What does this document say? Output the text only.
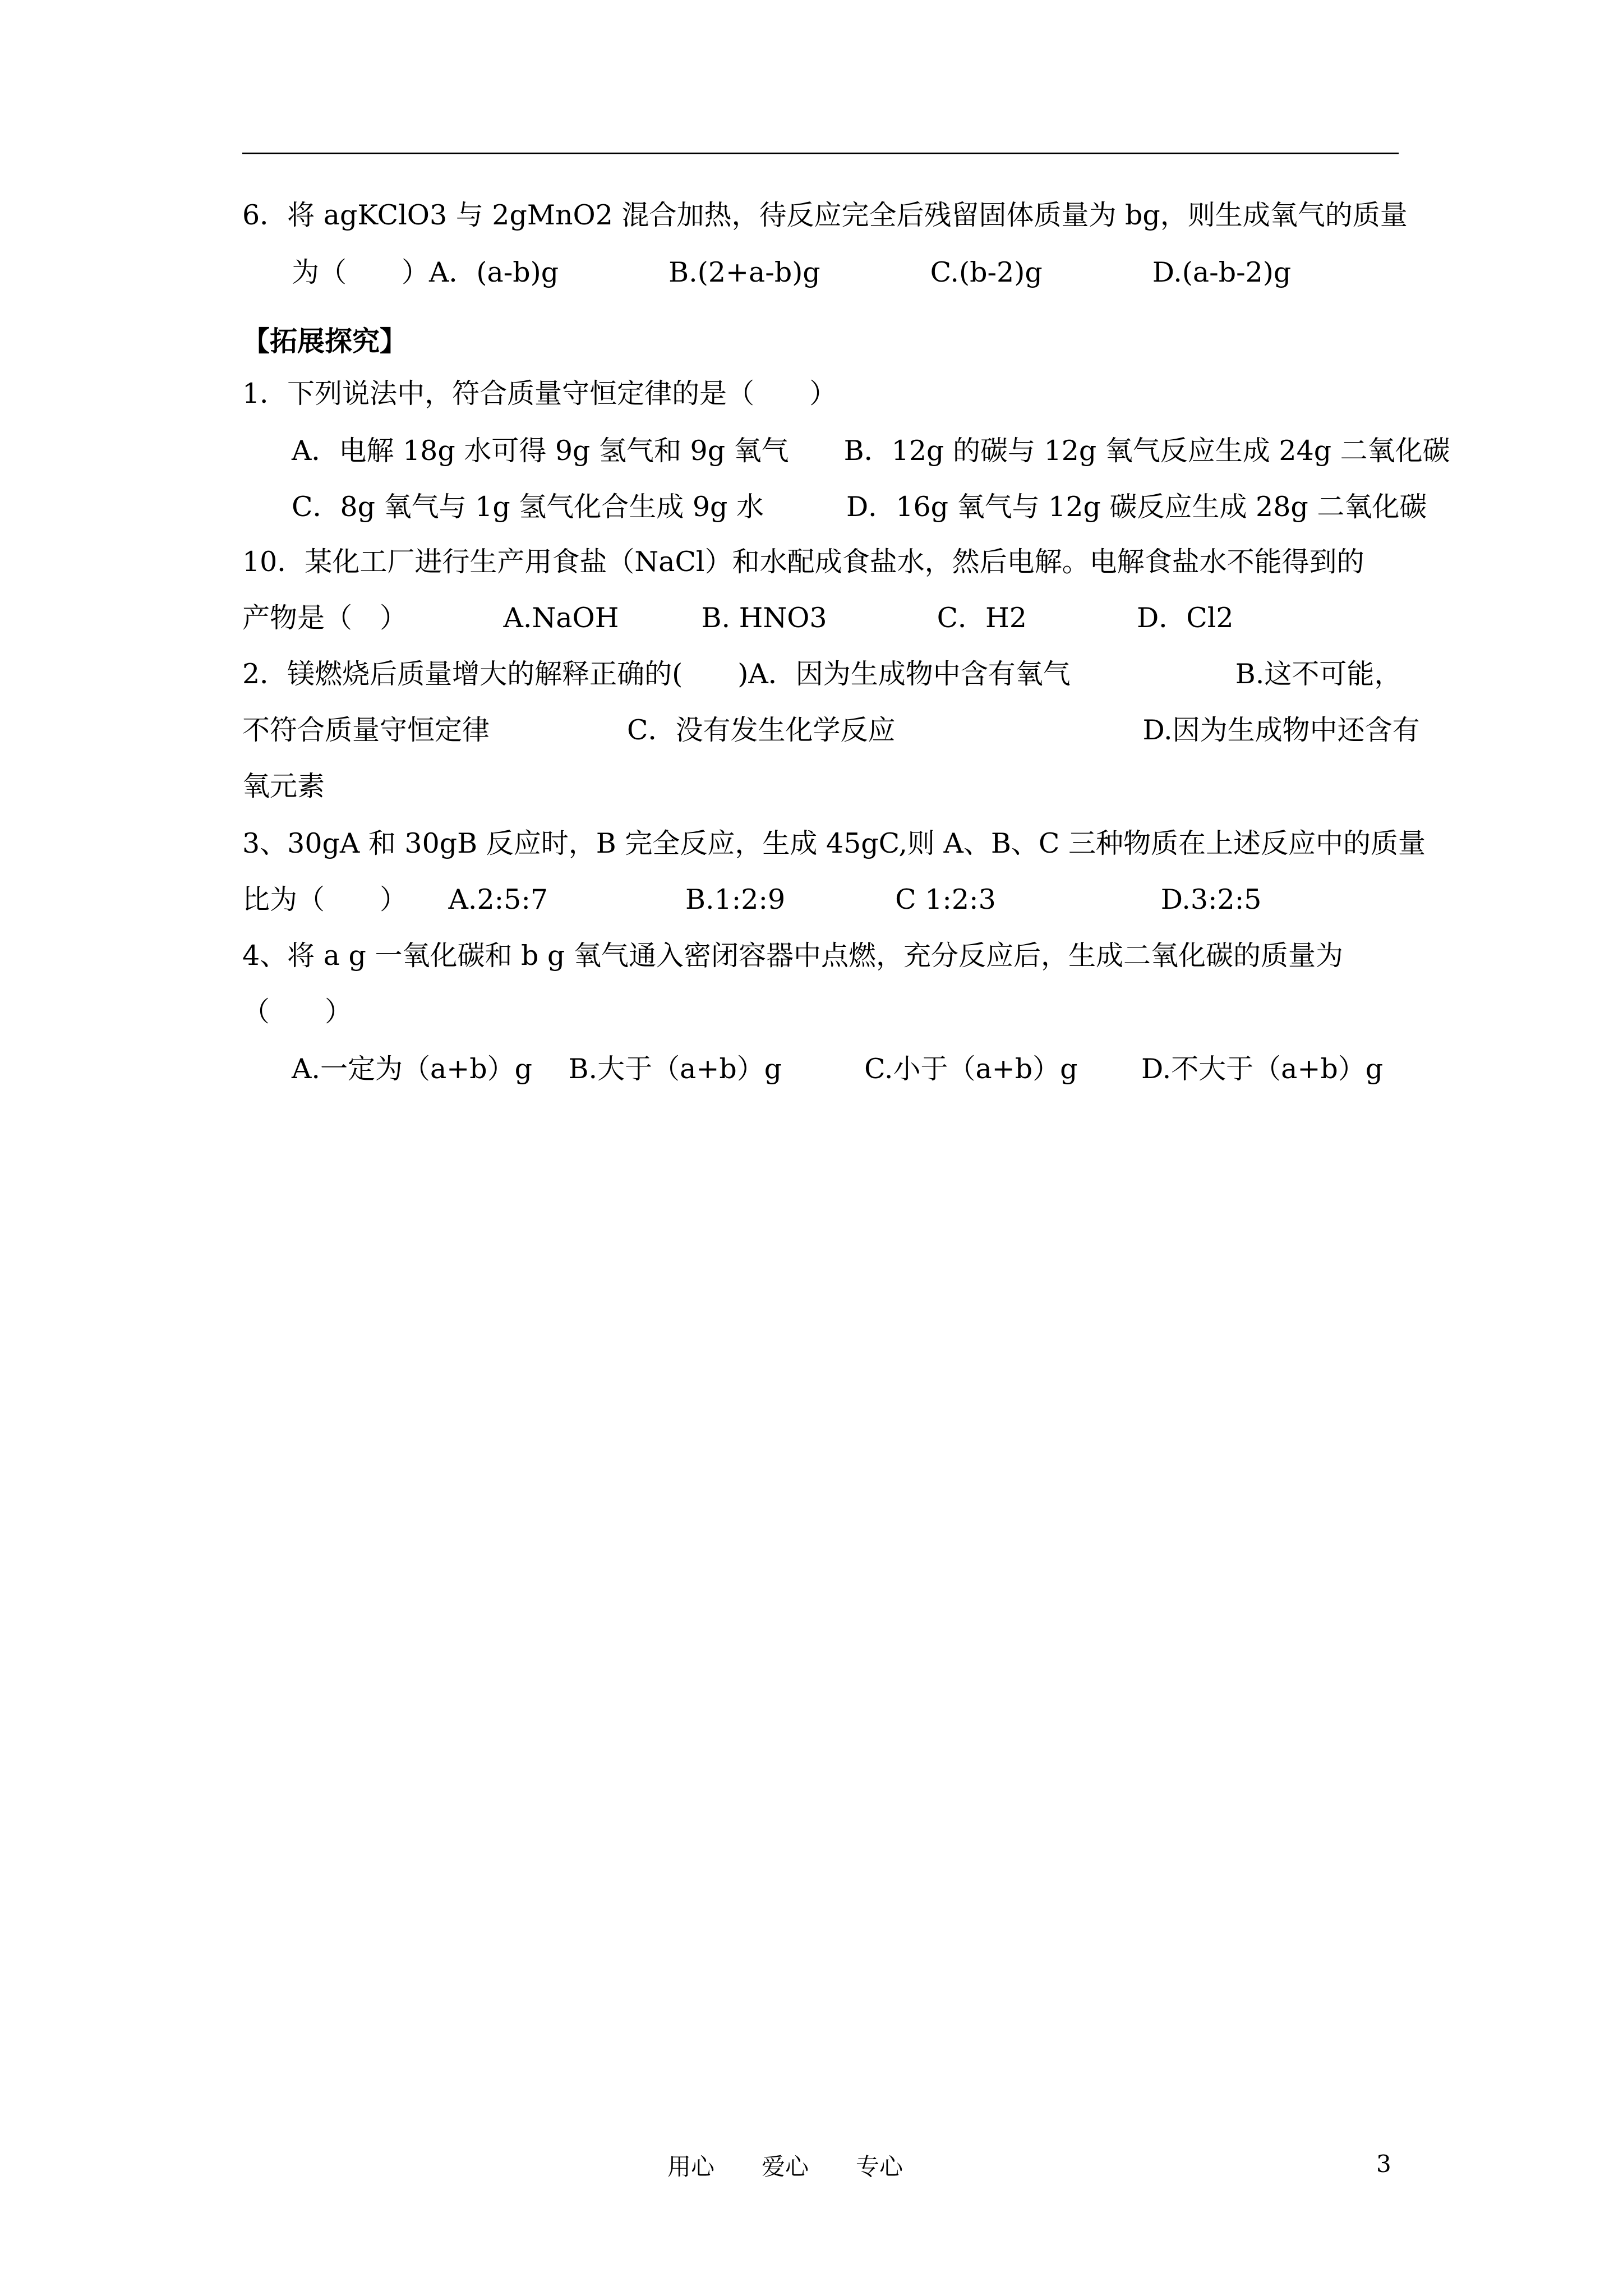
6．将 agKClO3 与 2gMnO2 混合加热，待反应完全后残留固体质量为 bg，则生成氧气的质量
为（　　）A．(a-b)g　　　　B.(2+a-b)g　　　　C.(b-2)g　　　　D.(a-b-2)g
【拓展探究】
1．下列说法中，符合质量守恒定律的是（　　）
A．电解 18g 水可得 9g 氢气和 9g 氧气　　B．12g 的碳与 12g 氧气反应生成 24g 二氧化碳
C．8g 氧气与 1g 氢气化合生成 9g 水　　　D．16g 氧气与 12g 碳反应生成 28g 二氧化碳
10．某化工厂进行生产用食盐（NaCl）和水配成食盐水，然后电解。电解食盐水不能得到的
产物是（　）　　　　A.NaOH　　　B. HNO3　　　　C．H2　　　　D．Cl2
2．镁燃烧后质量增大的解释正确的(　　)A．因为生成物中含有氧气　　　　　　B.这不可能，
不符合质量守恒定律　　　　　C．没有发生化学反应　　　　　　　　　D.因为生成物中还含有
氧元素
3、30gA 和 30gB 反应时，B 完全反应，生成 45gC,则 A、B、C 三种物质在上述反应中的质量
比为（　　）　　A.2:5:7　　　　　B.1:2:9　　　　C 1:2:3　　　　　　D.3:2:5
4、将 a g 一氧化碳和 b g 氧气通入密闭容器中点燃，充分反应后，生成二氧化碳的质量为
（　　）
A.一定为（a+b）g　 B.大于（a+b）g　　　C.小于（a+b）g　　 D.不大于（a+b）g
用心　　爱心　　专心	3
